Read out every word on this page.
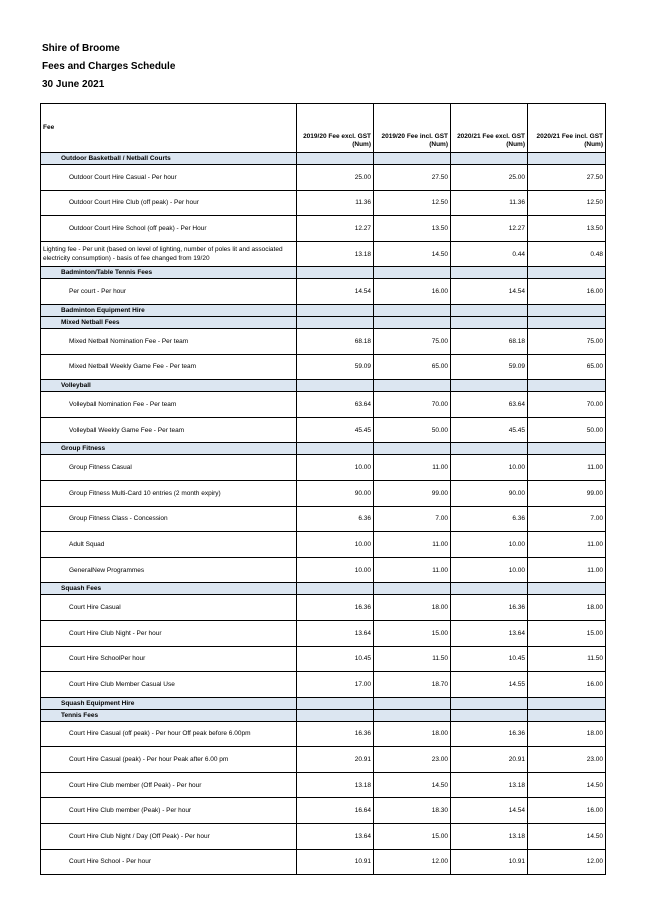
Shire of Broome
Fees and Charges Schedule
30 June 2021
Fee	2019/20 Fee excl. GST (Num)	2019/20 Fee incl. GST (Num)	2020/21 Fee excl. GST (Num)	2020/21 Fee incl. GST (Num)
Outdoor Basketball / Netball Courts				
Outdoor Court Hire Casual - Per hour	25.00	27.50	25.00	27.50
Outdoor Court Hire Club (off peak) - Per hour	11.36	12.50	11.36	12.50
Outdoor Court Hire School (off peak) - Per Hour	12.27	13.50	12.27	13.50
Lighting fee - Per unit (based on level of lighting, number of poles lit and associated electricity consumption) - basis of fee changed from 19/20	13.18	14.50	0.44	0.48
Badminton/Table Tennis Fees				
Per court - Per hour	14.54	16.00	14.54	16.00
Badminton Equipment Hire				
Mixed Netball Fees				
Mixed Netball Nomination Fee - Per team	68.18	75.00	68.18	75.00
Mixed Netball Weekly Game Fee - Per team	59.09	65.00	59.09	65.00
Volleyball				
Volleyball Nomination Fee - Per team	63.64	70.00	63.64	70.00
Volleyball Weekly Game Fee - Per team	45.45	50.00	45.45	50.00
Group Fitness				
Group Fitness Casual	10.00	11.00	10.00	11.00
Group Fitness Multi-Card 10 entries (2 month expiry)	90.00	99.00	90.00	99.00
Group Fitness Class - Concession	6.36	7.00	6.36	7.00
Adult Squad	10.00	11.00	10.00	11.00
GeneralNew Programmes	10.00	11.00	10.00	11.00
Squash Fees				
Court Hire Casual	16.36	18.00	16.36	18.00
Court Hire Club Night - Per hour	13.64	15.00	13.64	15.00
Court Hire SchoolPer hour	10.45	11.50	10.45	11.50
Court Hire Club Member Casual Use	17.00	18.70	14.55	16.00
Squash Equipment Hire				
Tennis Fees				
Court Hire Casual (off peak) - Per hour Off peak before 6.00pm	16.36	18.00	16.36	18.00
Court Hire Casual (peak) - Per hour Peak after 6.00 pm	20.91	23.00	20.91	23.00
Court Hire Club member (Off Peak) - Per hour	13.18	14.50	13.18	14.50
Court Hire Club member (Peak) - Per hour	16.64	18.30	14.54	16.00
Court Hire Club Night / Day (Off Peak) - Per hour	13.64	15.00	13.18	14.50
Court Hire School - Per hour	10.91	12.00	10.91	12.00
